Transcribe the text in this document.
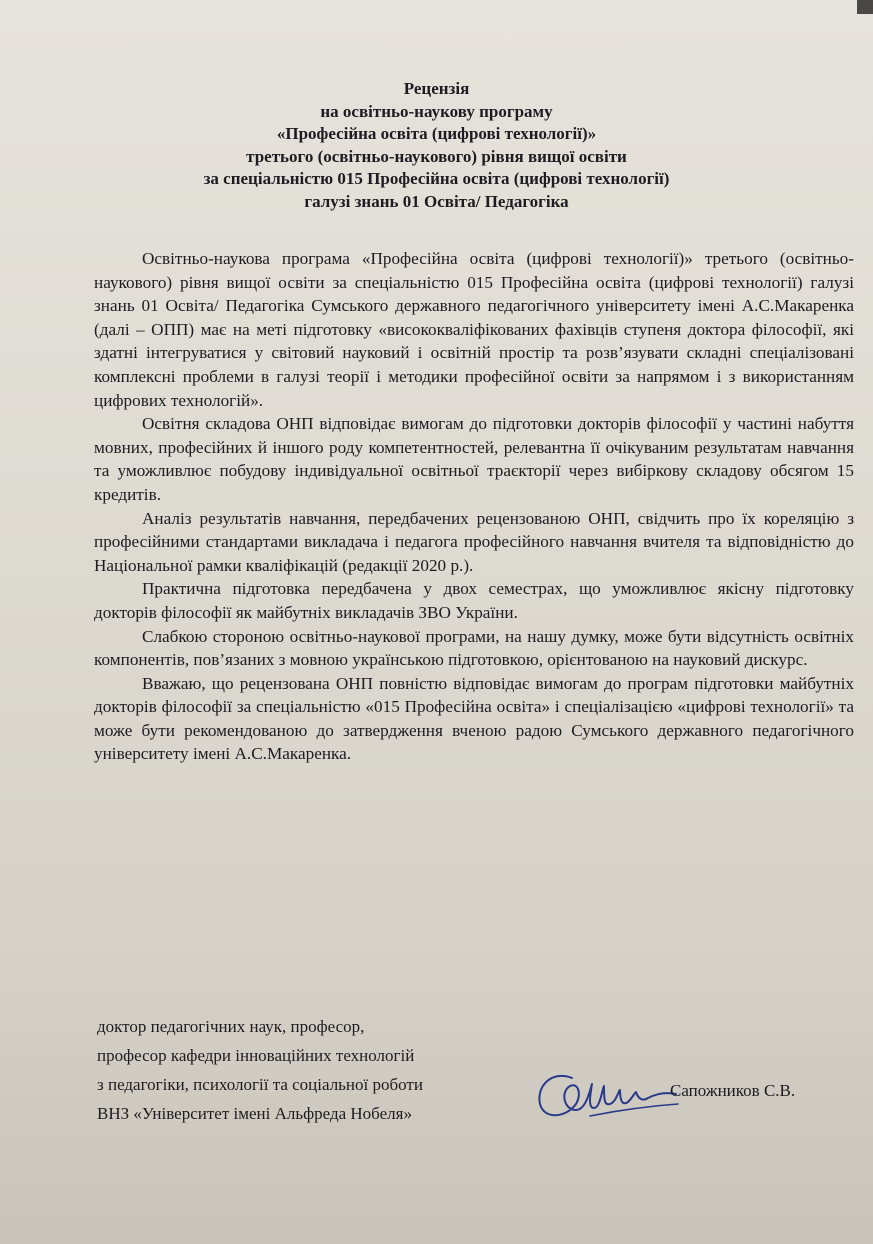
Рецензія
на освітньо-наукову програму
«Професійна освіта (цифрові технології)»
третього (освітньо-наукового) рівня вищої освіти
за спеціальністю 015 Професійна освіта (цифрові технології)
галузі знань 01 Освіта/ Педагогіка

Освітньо-наукова програма «Професійна освіта (цифрові технології)» третього (освітньо-наукового) рівня вищої освіти за спеціальністю 015 Професійна освіта (цифрові технології) галузі знань 01 Освіта/ Педагогіка Сумського державного педагогічного університету імені А.С.Макаренка (далі – ОПП) має на меті підготовку «висококваліфікованих фахівців ступеня доктора філософії, які здатні інтегруватися у світовий науковий і освітній простір та розв’язувати складні спеціалізовані комплексні проблеми в галузі теорії і методики професійної освіти за напрямом і з використанням цифрових технологій».

Освітня складова ОНП відповідає вимогам до підготовки докторів філософії у частині набуття мовних, професійних й іншого роду компетентностей, релевантна її очікуваним результатам навчання та уможливлює побудову індивідуальної освітньої траєкторії через вибіркову складову обсягом 15 кредитів.

Аналіз результатів навчання, передбачених рецензованою ОНП, свідчить про їх кореляцію з професійними стандартами викладача і педагога професійного навчання вчителя та відповідністю до Національної рамки кваліфікацій (редакції 2020 р.).

Практична підготовка передбачена у двох семестрах, що уможливлює якісну підготовку докторів філософії як майбутніх викладачів ЗВО України.

Слабкою стороною освітньо-наукової програми, на нашу думку, може бути відсутність освітніх компонентів, пов’язаних з мовною українською підготовкою, орієнтованою на науковий дискурс.

Вважаю, що рецензована ОНП повністю відповідає вимогам до програм підготовки майбутніх докторів філософії за спеціальністю «015 Професійна освіта» і спеціалізацією «цифрові технології» та може бути рекомендованою до затвердження вченою радою Сумського державного педагогічного університету імені А.С.Макаренка.

доктор педагогічних наук, професор,
професор кафедри інноваційних технологій
з педагогіки, психології та соціальної роботи
ВНЗ «Університет імені Альфреда Нобеля»
Сапожников С.В.
